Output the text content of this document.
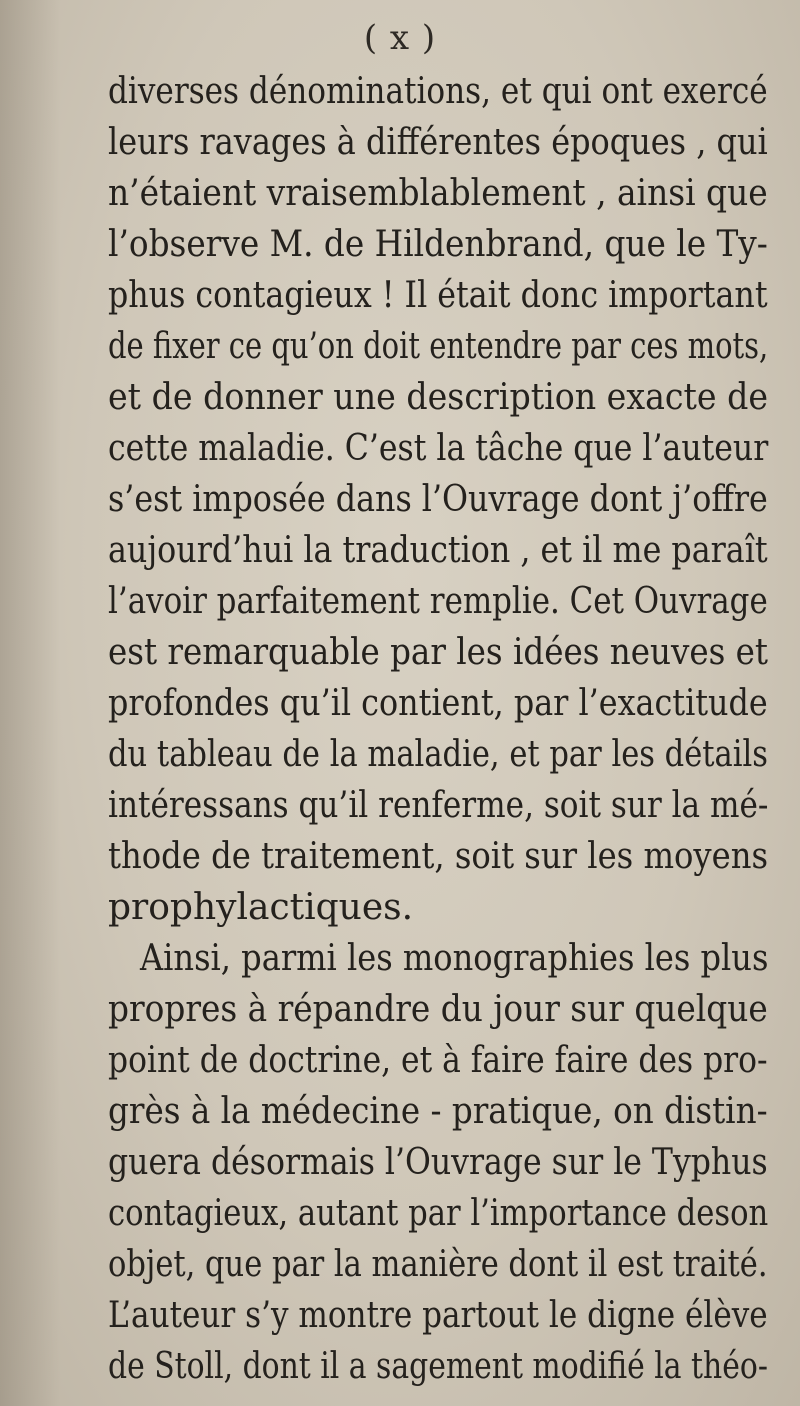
( x )
diverses dénominations, et qui ont exercé
leurs ravages à différentes époques , qui
n’étaient vraisemblablement , ainsi que
l’observe M. de Hildenbrand, que le Ty-
phus contagieux ! Il était donc important
de fixer ce qu’on doit entendre par ces mots,
et de donner une description exacte de
cette maladie. C’est la tâche que l’auteur
s’est imposée dans l’Ouvrage dont j’offre
aujourd’hui la traduction , et il me paraît
l’avoir parfaitement remplie. Cet Ouvrage
est remarquable par les idées neuves et
profondes qu’il contient, par l’exactitude
du tableau de la maladie, et par les détails
intéressans qu’il renferme, soit sur la mé-
thode de traitement, soit sur les moyens
prophylactiques.
Ainsi, parmi les monographies les plus
propres à répandre du jour sur quelque
point de doctrine, et à faire faire des pro-
grès à la médecine - pratique, on distin-
guera désormais l’Ouvrage sur le Typhus
contagieux, autant par l’importance deson
objet, que par la manière dont il est traité.
L’auteur s’y montre partout le digne élève
de Stoll, dont il a sagement modifié la théo-
